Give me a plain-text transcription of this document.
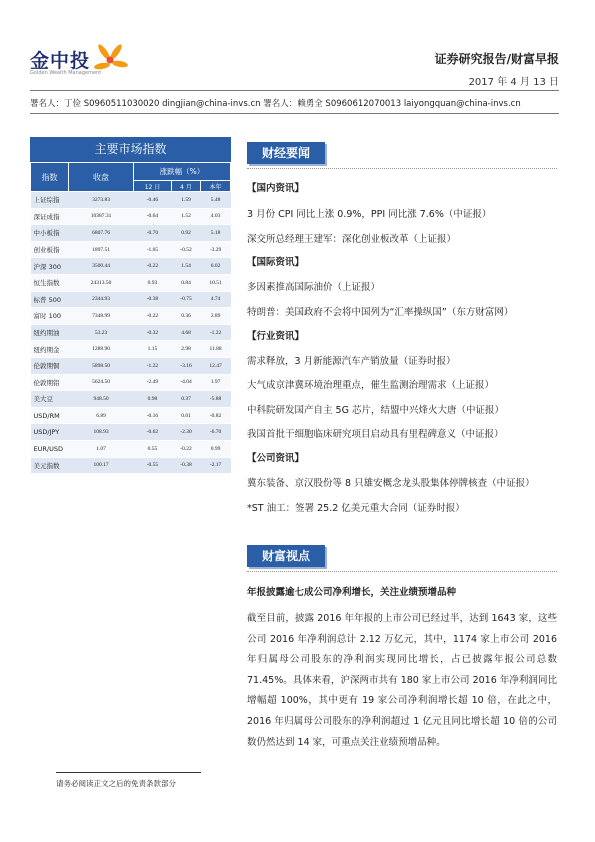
金中投
Golden Wealth Management
证券研究报告/财富早报
2017 年 4 月 13 日
署名人：丁俭 S0960511030020 dingjian@china-invs.cn 署名人：赖勇全 S0960612070013 laiyongquan@china-invs.cn
主要市场指数
指数	收盘	涨跌幅（%）		
		12 日	4 月	本年
上证综指	3273.83	-0.46	1.59	5.48
深证成指	10387.31	-0.64	1.52	4.03
中小板指	6807.76	-0.70	0.92	5.18
创业板指	1897.51	-1.05	-0.52	-3.29
沪深 300	3500.44	-0.22	1.54	6.02
恒生指数	24313.50	0.93	0.84	10.51
标普 500	2344.93	-0.38	-0.75	4.74
富时 100	7348.99	-0.22	0.36	2.89
纽约期油	53.23	-0.32	4.68	-1.22
纽约期金	1288.90	1.15	2.98	11.88
伦敦期铜	5898.50	-1.22	-3.16	12.47
伦敦期铝	5624.50	-2.49	-4.04	1.97
美大豆	948.50	0.98	0.37	-5.88
USD/RM	6.89	-0.16	0.01	-0.82
USD/JPY	108.93	-0.62	-2.30	-6.70
EUR/USD	1.07	0.55	-0.22	0.99
美元指数	100.17	-0.55	-0.38	-2.17
财经要闻
【国内资讯】
3 月份 CPI 同比上涨 0.9%，PPI 同比涨 7.6%（中证报）
深交所总经理王建军：深化创业板改革（上证报）
【国际资讯】
多因素推高国际油价（上证报）
特朗普：美国政府不会将中国列为“汇率操纵国”（东方财富网）
【行业资讯】
需求释放，3 月新能源汽车产销放量（证券时报）
大气成京津冀环境治理重点，催生监测治理需求（上证报）
中科院研发国产自主 5G 芯片，结盟中兴烽火大唐（中证报）
我国首批干细胞临床研究项目启动具有里程碑意义（中证报）
【公司资讯】
冀东装备、京汉股份等 8 只雄安概念龙头股集体停牌核查（中证报）
*ST 油工：签署 25.2 亿美元重大合同（证券时报）
财富视点
年报披露逾七成公司净利增长，关注业绩预增品种
截至目前，披露 2016 年年报的上市公司已经过半，达到 1643 家，这些公司 2016 年净利润总计 2.12 万亿元，其中，1174 家上市公司 2016 年归属母公司股东的净利润实现同比增长，占已披露年报公司总数 71.45%。具体来看，沪深两市共有 180 家上市公司 2016 年净利润同比增幅超 100%，其中更有 19 家公司净利润增长超 10 倍，在此之中，2016 年归属母公司股东的净利润超过 1 亿元且同比增长超 10 倍的公司数仍然达到 14 家，可重点关注业绩预增品种。
请务必阅读正文之后的免责条款部分
